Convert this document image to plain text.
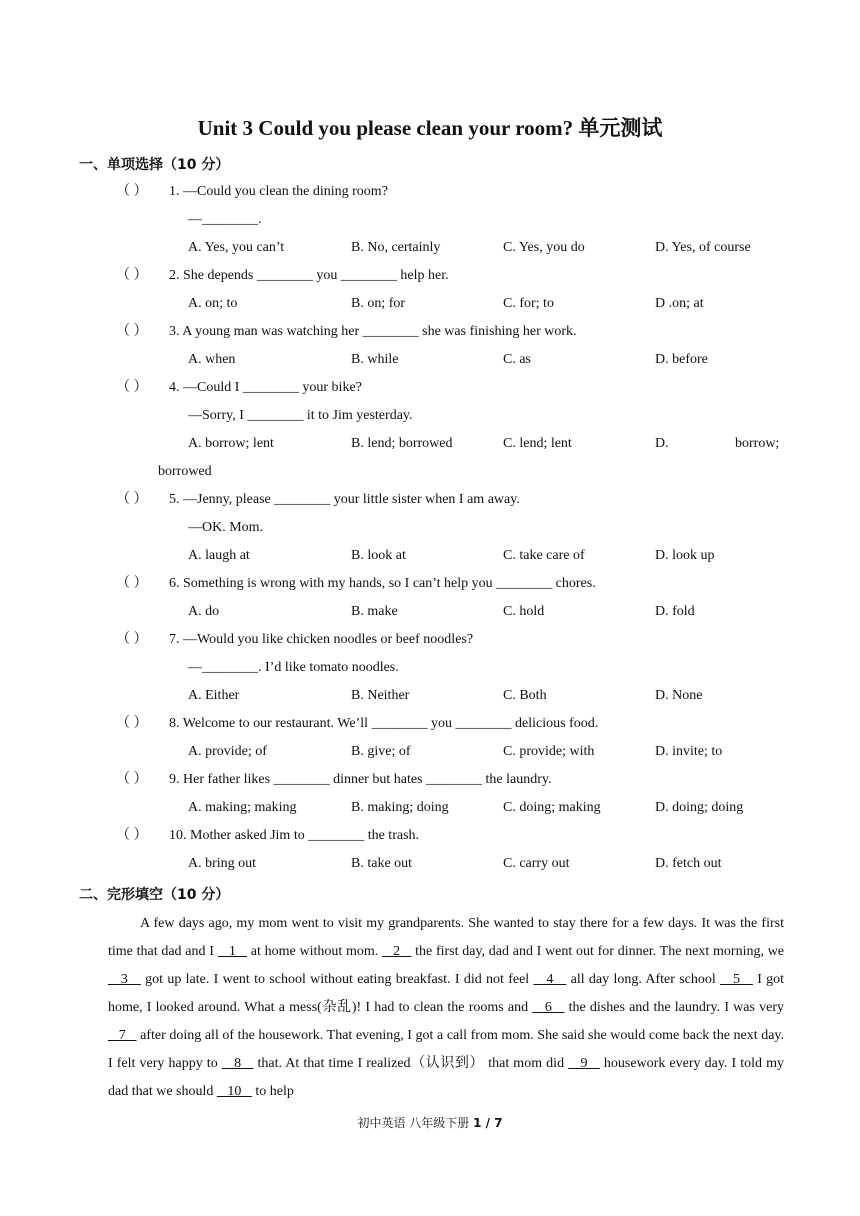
Unit 3 Could you please clean your room? 单元测试
一、单项选择（10 分）
（ ） 1. —Could you clean the dining room?
—________.
A. Yes, you can’t	B. No, certainly	C. Yes, you do	D. Yes, of course
（ ） 2. She depends ________ you ________ help her.
A. on; to	B. on; for	C. for; to	D .on; at
（ ） 3. A young man was watching her ________ she was finishing her work.
A. when	B. while	C. as	D. before
（ ） 4. —Could I ________ your bike?
—Sorry, I ________ it to Jim yesterday.
A. borrow; lent	B. lend; borrowed	C. lend; lent	D.	borrow;
borrowed
（ ） 5. —Jenny, please ________ your little sister when I am away.
—OK. Mom.
A. laugh at	B. look at	C. take care of	D. look up
（ ） 6. Something is wrong with my hands, so I can’t help you ________ chores.
A. do	B. make	C. hold	D. fold
（ ） 7. —Would you like chicken noodles or beef noodles?
—________. I’d like tomato noodles.
A. Either	B. Neither	C. Both	D. None
（ ） 8. Welcome to our restaurant. We’ll ________ you ________ delicious food.
A. provide; of	B. give; of	C. provide; with	D. invite; to
（ ） 9. Her father likes ________ dinner but hates ________ the laundry.
A. making; making	B. making; doing	C. doing; making	D. doing; doing
（ ） 10. Mother asked Jim to ________ the trash.
A. bring out	B. take out	C. carry out	D. fetch out
二、完形填空（10 分）

A few days ago, my mom went to visit my grandparents. She wanted to stay there for a few days. It was the first time that dad and I    1    at home without mom.    2    the first day, dad and I went out for dinner. The next morning, we    3    got up late. I went to school without eating breakfast. I did not feel    4    all day long. After school    5    I got home, I looked around. What a mess(杂乱)! I had to clean the rooms and    6    the dishes and the laundry. I was very    7    after doing all of the housework. That evening, I got a call from mom. She said she would come back the next day. I felt very happy to    8    that. At that time I realized（认识到） that mom did    9    housework every day. I told my dad that we should    10    to help

初中英语 八年级下册 1 / 7
